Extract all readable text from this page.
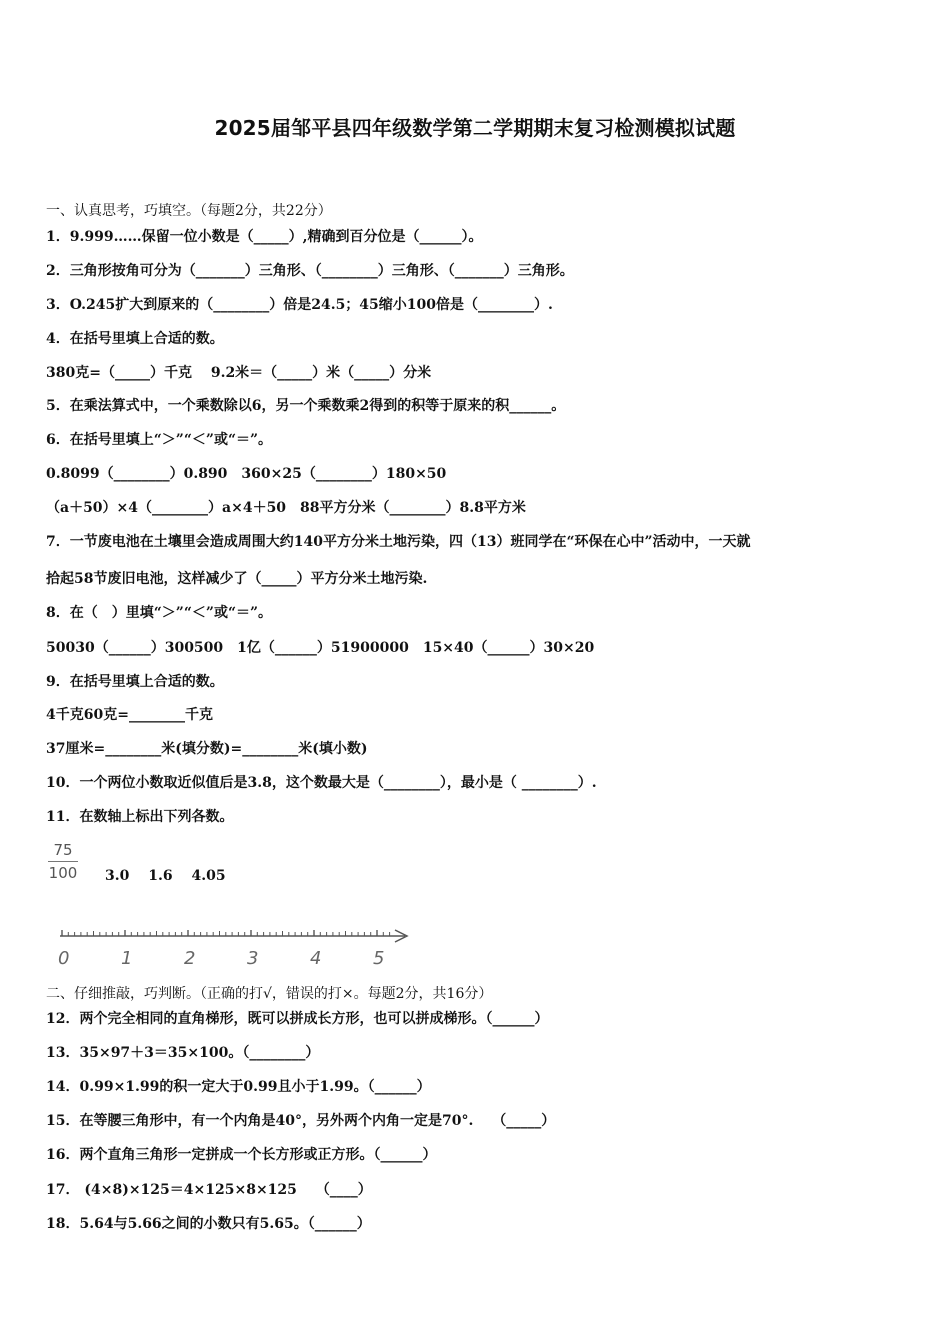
2025届邹平县四年级数学第二学期期末复习检测模拟试题
一、认真思考，巧填空。（每题2分，共22分）
1．9.999……保留一位小数是（_____）,精确到百分位是（______）。
2．三角形按角可分为（_______）三角形、（________）三角形、（_______）三角形。
3．O.245扩大到原来的（________）倍是24.5；45缩小100倍是（________）.
4．在括号里填上合适的数。
380克=（_____）千克　 9.2米＝（_____）米（_____）分米
5．在乘法算式中，一个乘数除以6，另一个乘数乘2得到的积等于原来的积______。
6．在括号里填上“＞”“＜”或“＝”。
0.8099（________）0.890　360×25（________）180×50
（a＋50）×4（________）a×4＋50　88平方分米（________）8.8平方米
7．一节废电池在土壤里会造成周围大约140平方分米土地污染，四（13）班同学在“环保在心中”活动中，一天就
拾起58节废旧电池，这样减少了（_____）平方分米土地污染.
8．在（　）里填“＞”“＜”或“＝”。
50030（______）300500　1亿（______）51900000　15×40（______）30×20
9．在括号里填上合适的数。
4千克60克=________千克
37厘米=________米(填分数)=________米(填小数)
10．一个两位小数取近似值后是3.8，这个数最大是（________），最小是（ ________）.
11．在数轴上标出下列各数。
75
100 3.0　 1.6　 4.05
0	1	2	3	4	5
二、仔细推敲，巧判断。（正确的打√，错误的打×。每题2分，共16分）
12．两个完全相同的直角梯形，既可以拼成长方形，也可以拼成梯形。（______）
13．35×97＋3＝35×100。（________）
14．0.99×1.99的积一定大于0.99且小于1.99。（______）
15．在等腰三角形中，有一个内角是40°，另外两个内角一定是70°.　 （_____）
16．两个直角三角形一定拼成一个长方形或正方形。（______）
17． (4×8)×125＝4×125×8×125　 （____）
18．5.64与5.66之间的小数只有5.65。（______）
